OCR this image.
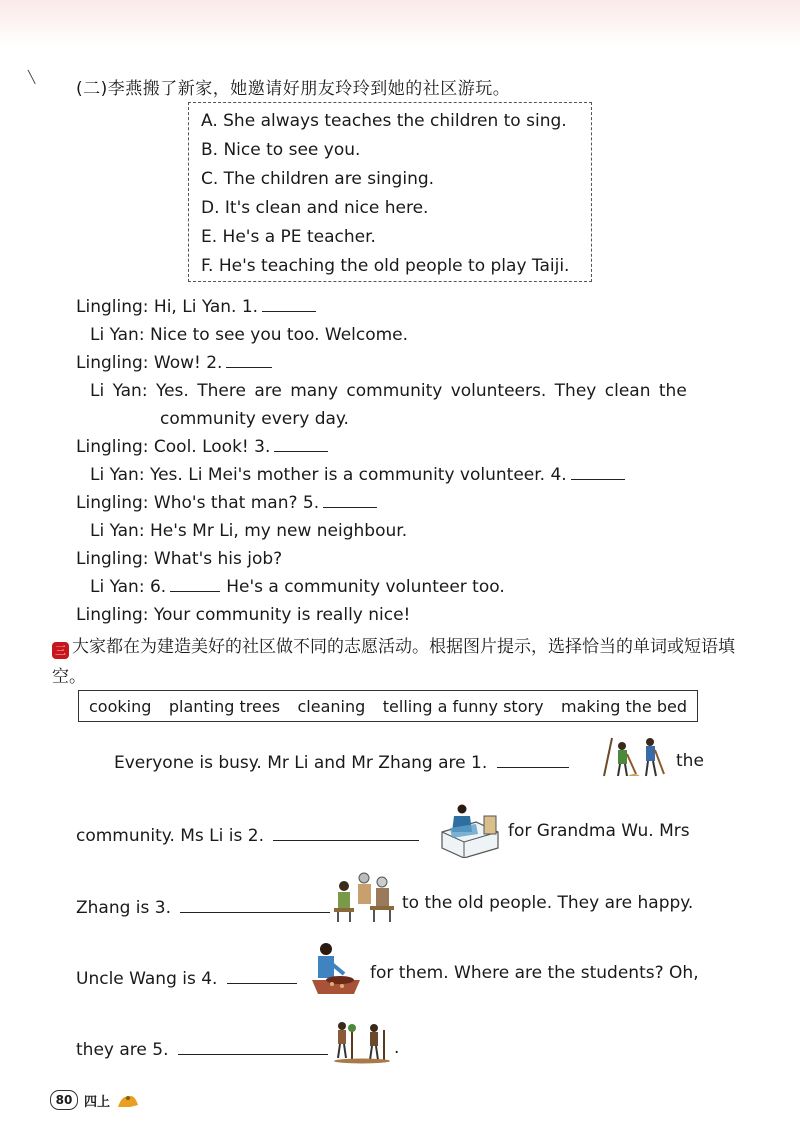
╲
(二)李燕搬了新家，她邀请好朋友玲玲到她的社区游玩。
A. She always teaches the children to sing.
B. Nice to see you.
C. The children are singing.
D. It's clean and nice here.
E. He's a PE teacher.
F. He's teaching the old people to play Taiji.
Lingling: Hi, Li Yan. 1.
Li Yan: Nice to see you too. Welcome.
Lingling: Wow! 2.
Li Yan: Yes. There are many community volunteers. They clean the
community every day.
Lingling: Cool. Look! 3.
Li Yan: Yes. Li Mei's mother is a community volunteer. 4.
Lingling: Who's that man? 5.
Li Yan: He's Mr Li, my new neighbour.
Lingling: What's his job?
Li Yan: 6.	He's a community volunteer too.
Lingling: Your community is really nice!
三 大家都在为建造美好的社区做不同的志愿活动。根据图片提示，选择恰当的单词或短语填空。
cooking planting trees cleaning telling a funny story making the bed
Everyone is busy. Mr Li and Mr Zhang are 1.	the
community. Ms Li is 2.	for Grandma Wu. Mrs
Zhang is 3.	to the old people. They are happy.
Uncle Wang is 4.	for them. Where are the students? Oh,
they are 5.	.
80 四上
